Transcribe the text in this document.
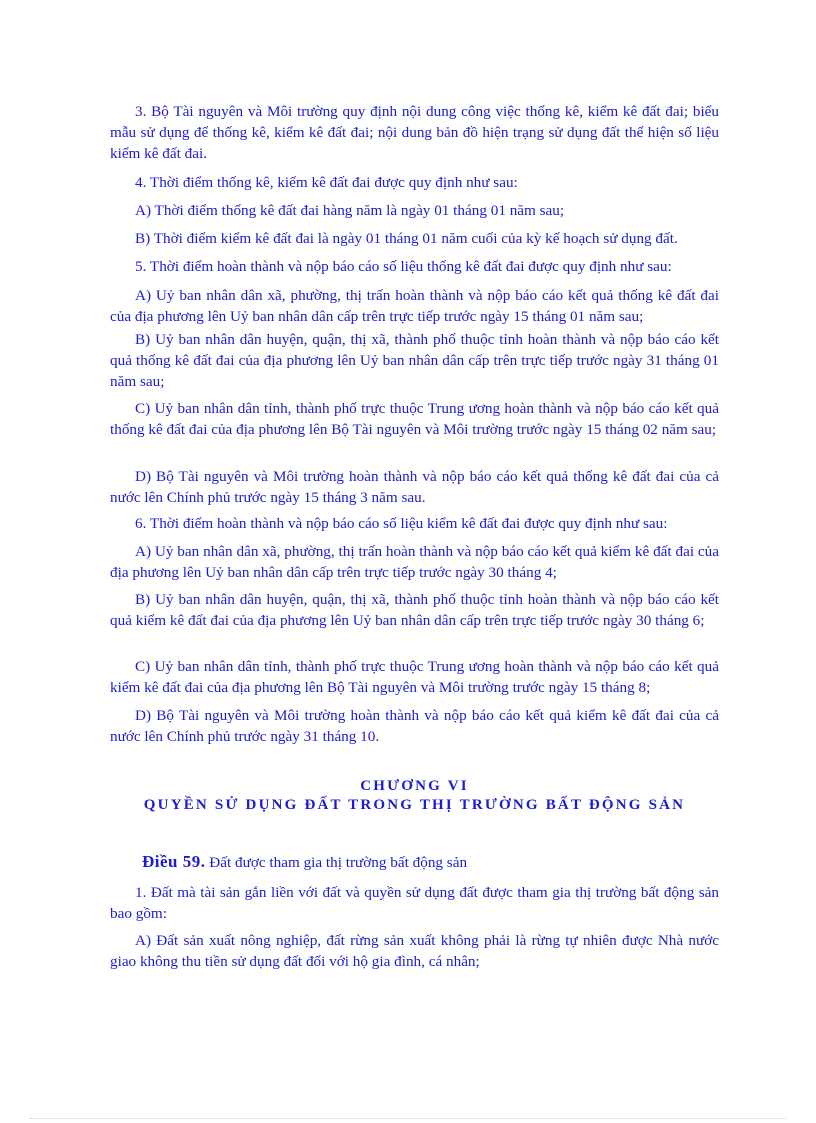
3. Bộ Tài nguyên và Môi trường quy định nội dung công việc thống kê, kiểm kê đất đai; biểu mẫu sử dụng để thống kê, kiểm kê đất đai; nội dung bản đồ hiện trạng sử dụng đất thể hiện số liệu kiểm kê đất đai.

4. Thời điểm thống kê, kiểm kê đất đai được quy định như sau:

A) Thời điểm thống kê đất đai hàng năm là ngày 01 tháng 01 năm sau;

B) Thời điểm kiểm kê đất đai là ngày 01 tháng 01 năm cuối của kỳ kế hoạch sử dụng đất.

5. Thời điểm hoàn thành và nộp báo cáo số liệu thống kê đất đai được quy định như sau:

A) Uỷ ban nhân dân xã, phường, thị trấn hoàn thành và nộp báo cáo kết quả thống kê đất đai của địa phương lên Uỷ ban nhân dân cấp trên trực tiếp trước ngày 15 tháng 01 năm sau;

B) Uỷ ban nhân dân huyện, quận, thị xã, thành phố thuộc tỉnh hoàn thành và nộp báo cáo kết quả thống kê đất đai của địa phương lên Uỷ ban nhân dân cấp trên trực tiếp trước ngày 31 tháng 01 năm sau;

C) Uỷ ban nhân dân tỉnh, thành phố trực thuộc Trung ương hoàn thành và nộp báo cáo kết quả thống kê đất đai của địa phương lên Bộ Tài nguyên và Môi trường trước ngày 15 tháng 02 năm sau;

D) Bộ Tài nguyên và Môi trường hoàn thành và nộp báo cáo kết quả thống kê đất đai của cả nước lên Chính phủ trước ngày 15 tháng 3 năm sau.

6. Thời điểm hoàn thành và nộp báo cáo số liệu kiểm kê đất đai được quy định như sau:

A) Uỷ ban nhân dân xã, phường, thị trấn hoàn thành và nộp báo cáo kết quả kiểm kê đất đai của địa phương lên Uỷ ban nhân dân cấp trên trực tiếp trước ngày 30 tháng 4;

B) Uỷ ban nhân dân huyện, quận, thị xã, thành phố thuộc tỉnh hoàn thành và nộp báo cáo kết quả kiểm kê đất đai của địa phương lên Uỷ ban nhân dân cấp trên trực tiếp trước ngày 30 tháng 6;

C) Uỷ ban nhân dân tỉnh, thành phố trực thuộc Trung ương hoàn thành và nộp báo cáo kết quả kiểm kê đất đai của địa phương lên Bộ Tài nguyên và Môi trường trước ngày 15 tháng 8;

D) Bộ Tài nguyên và Môi trường hoàn thành và nộp báo cáo kết quả kiểm kê đất đai của cả nước lên Chính phủ trước ngày 31 tháng 10.

CHƯƠNG VI

QUYỀN SỬ DỤNG ĐẤT TRONG THỊ TRƯỜNG BẤT ĐỘNG SẢN

Điều 59. Đất được tham gia thị trường bất động sản

1. Đất mà tài sản gắn liền với đất và quyền sử dụng đất được tham gia thị trường bất động sản bao gồm:

A) Đất sản xuất nông nghiệp, đất rừng sản xuất không phải là rừng tự nhiên được Nhà nước giao không thu tiền sử dụng đất đối với hộ gia đình, cá nhân;
